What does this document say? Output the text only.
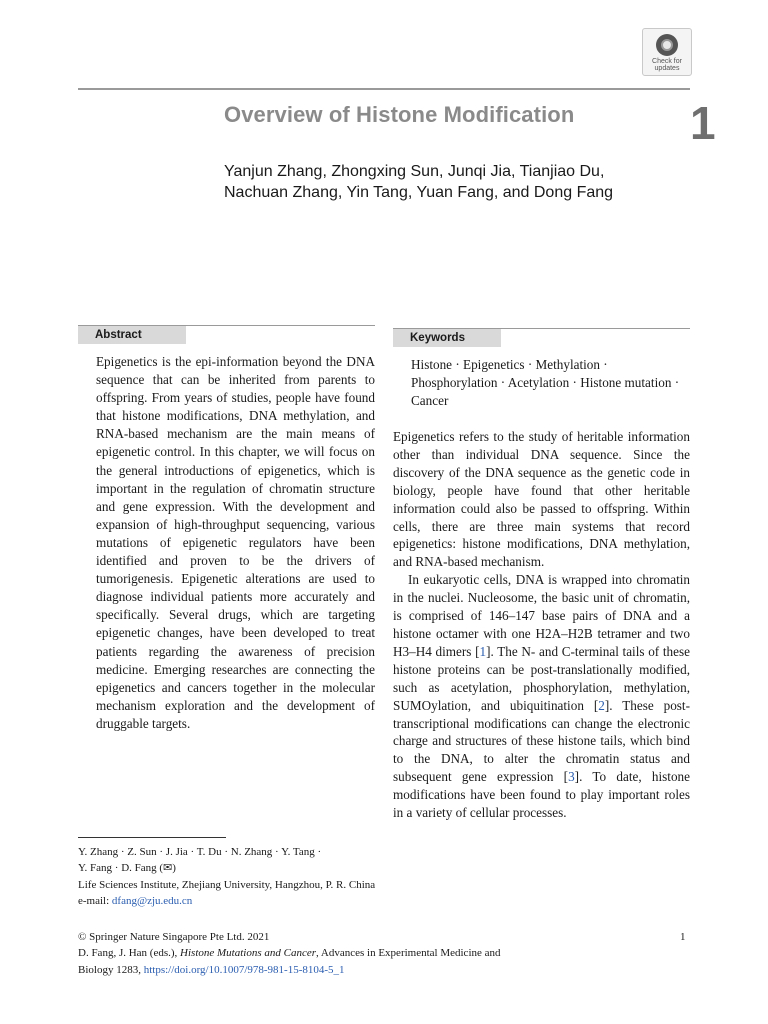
Check for updates
Overview of Histone Modification	1
Yanjun Zhang, Zhongxing Sun, Junqi Jia, Tianjiao Du,
Nachuan Zhang, Yin Tang, Yuan Fang, and Dong Fang
Abstract
Epigenetics is the epi-information beyond the DNA sequence that can be inherited from parents to offspring. From years of studies, people have found that histone modifications, DNA methylation, and RNA-based mechanism are the main means of epigenetic control. In this chapter, we will focus on the general introductions of epigenetics, which is important in the regulation of chromatin structure and gene expression. With the development and expansion of high-throughput sequencing, various mutations of epigenetic regulators have been identified and proven to be the drivers of tumorigenesis. Epigenetic alterations are used to diagnose individual patients more accurately and specifically. Several drugs, which are targeting epigenetic changes, have been developed to treat patients regarding the awareness of precision medicine. Emerging researches are connecting the epigenetics and cancers together in the molecular mechanism exploration and the development of druggable targets.
Keywords
Histone · Epigenetics · Methylation · Phosphorylation · Acetylation · Histone mutation · Cancer

Epigenetics refers to the study of heritable information other than individual DNA sequence. Since the discovery of the DNA sequence as the genetic code in biology, people have found that other heritable information could also be passed to offspring. Within cells, there are three main systems that record epigenetics: histone modifications, DNA methylation, and RNA-based mechanism.

In eukaryotic cells, DNA is wrapped into chromatin in the nuclei. Nucleosome, the basic unit of chromatin, is comprised of 146–147 base pairs of DNA and a histone octamer with one H2A–H2B tetramer and two H3–H4 dimers [1]. The N- and C-terminal tails of these histone proteins can be post-translationally modified, such as acetylation, phosphorylation, methylation, SUMOylation, and ubiquitination [2]. These post-transcriptional modifications can change the electronic charge and structures of these histone tails, which bind to the DNA, to alter the chromatin status and subsequent gene expression [3]. To date, histone modifications have been found to play important roles in a variety of cellular processes.

Y. Zhang · Z. Sun · J. Jia · T. Du · N. Zhang · Y. Tang ·
Y. Fang · D. Fang (✉)
Life Sciences Institute, Zhejiang University, Hangzhou, P. R. China
e-mail: dfang@zju.edu.cn
© Springer Nature Singapore Pte Ltd. 2021
D. Fang, J. Han (eds.), Histone Mutations and Cancer, Advances in Experimental Medicine and
Biology 1283, https://doi.org/10.1007/978-981-15-8104-5_1
1
